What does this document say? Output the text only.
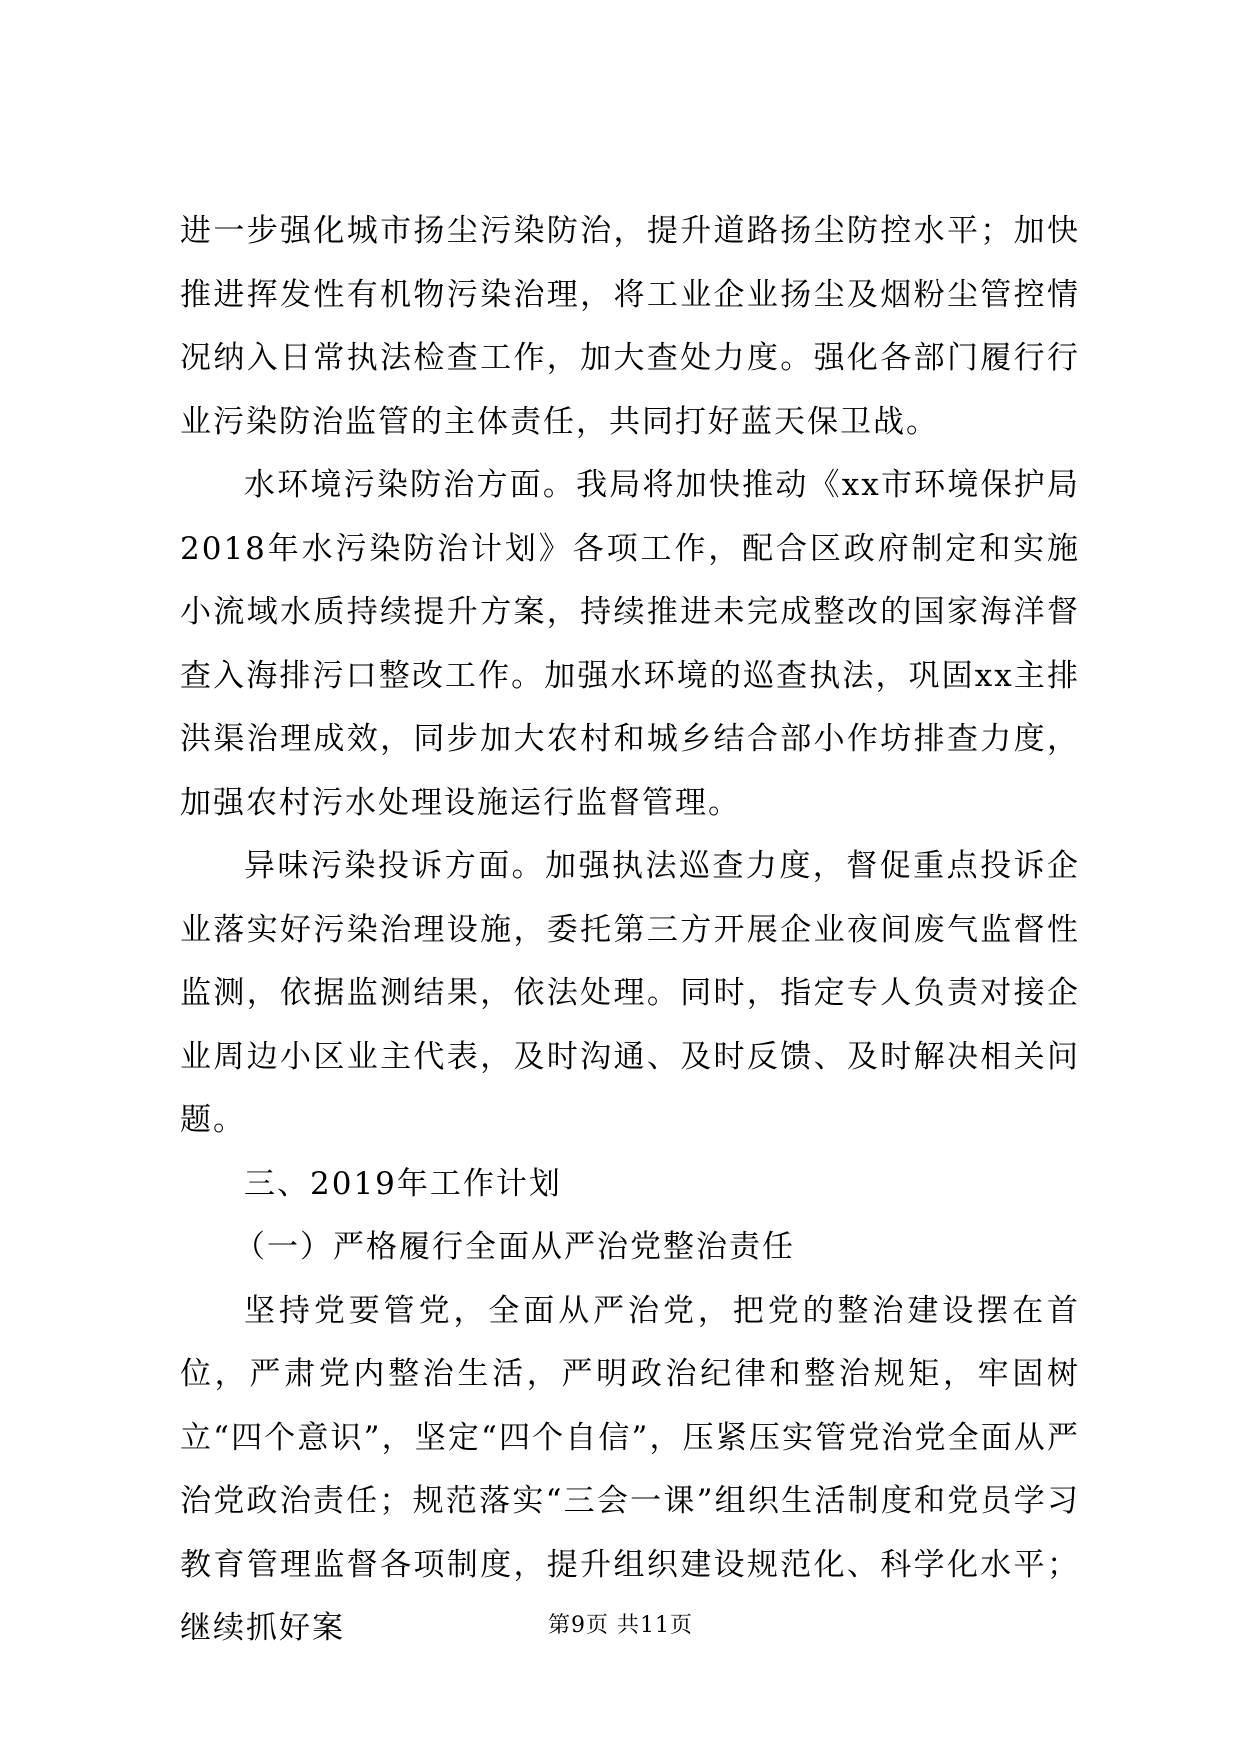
进一步强化城市扬尘污染防治，提升道路扬尘防控水平；加快推进挥发性有机物污染治理，将工业企业扬尘及烟粉尘管控情况纳入日常执法检查工作，加大查处力度。强化各部门履行行业污染防治监管的主体责任，共同打好蓝天保卫战。

水环境污染防治方面。我局将加快推动《xx市环境保护局2018年水污染防治计划》各项工作，配合区政府制定和实施小流域水质持续提升方案，持续推进未完成整改的国家海洋督查入海排污口整改工作。加强水环境的巡查执法，巩固xx主排洪渠治理成效，同步加大农村和城乡结合部小作坊排查力度，加强农村污水处理设施运行监督管理。

异味污染投诉方面。加强执法巡查力度，督促重点投诉企业落实好污染治理设施，委托第三方开展企业夜间废气监督性监测，依据监测结果，依法处理。同时，指定专人负责对接企业周边小区业主代表，及时沟通、及时反馈、及时解决相关问题。

三、2019年工作计划

（一）严格履行全面从严治党整治责任

坚持党要管党，全面从严治党，把党的整治建设摆在首位，严肃党内整治生活，严明政治纪律和整治规矩，牢固树立“四个意识”，坚定“四个自信”，压紧压实管党治党全面从严治党政治责任；规范落实“三会一课”组织生活制度和党员学习教育管理监督各项制度，提升组织建设规范化、科学化水平；继续抓好案	第9页 共11页
